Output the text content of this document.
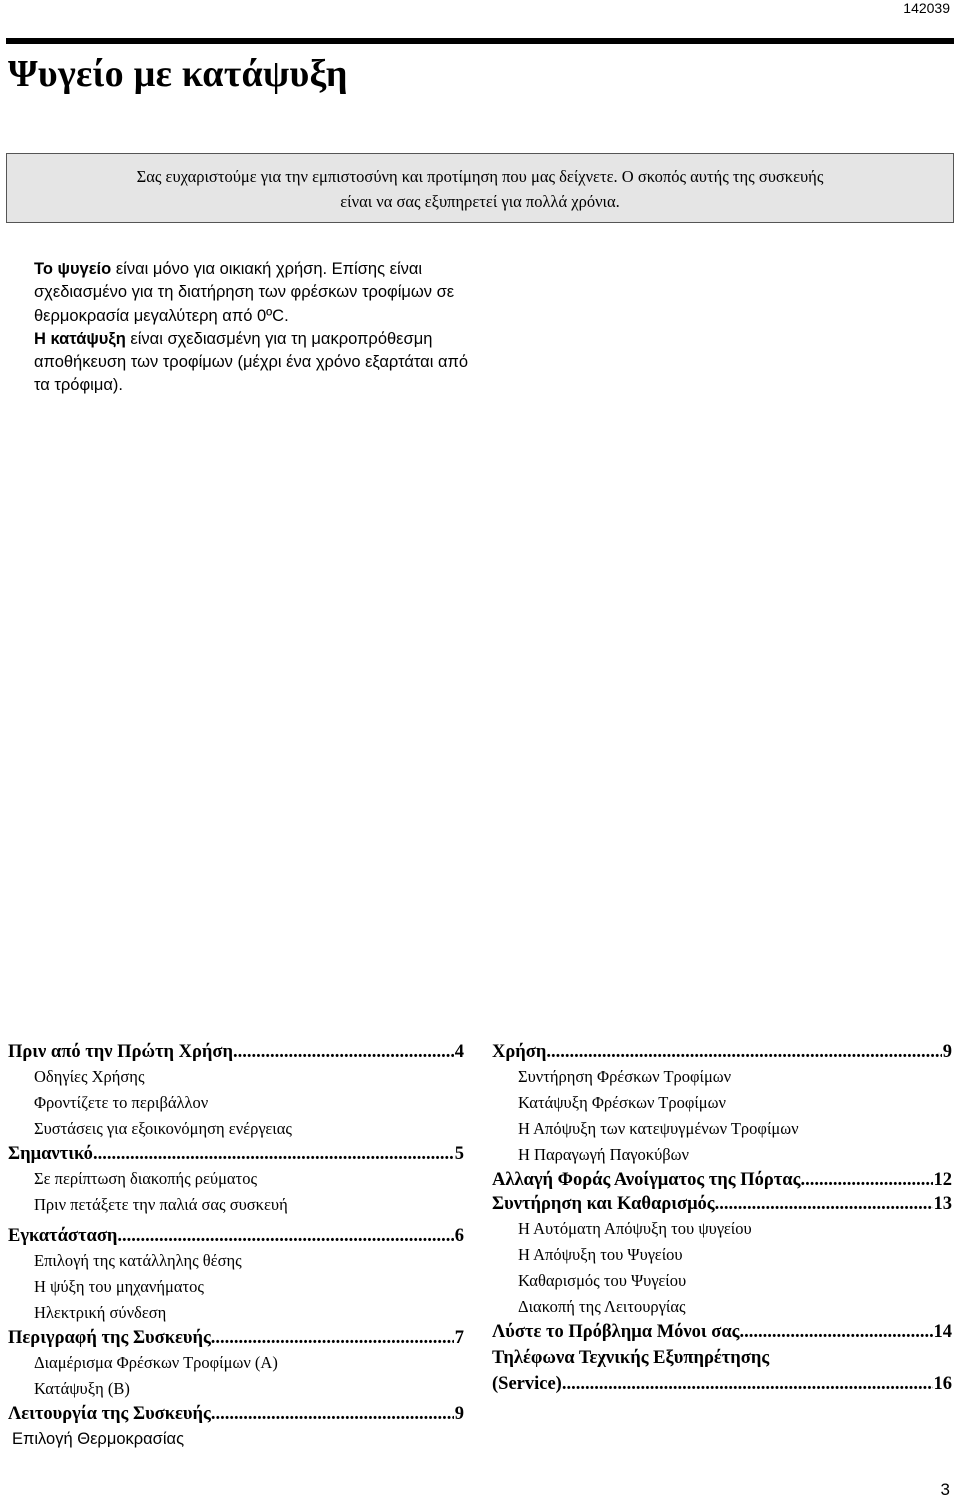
142039
Ψυγείο με κατάψυξη
Σας ευχαριστούμε για την εμπιστοσύνη και προτίμηση που μας δείχνετε. Ο σκοπός αυτής της συσκευής
είναι να σας εξυπηρετεί για πολλά χρόνια.

Το ψυγείο είναι μόνο για οικιακή χρήση. Επίσης είναι σχεδιασμένο για τη διατήρηση των φρέσκων τροφίμων σε θερμοκρασία μεγαλύτερη από 0ºC.

Η κατάψυξη είναι σχεδιασμένη για τη μακροπρόθεσμη αποθήκευση των τροφίμων (μέχρι ένα χρόνο εξαρτάται από τα τρόφιμα).

Πριν από την Πρώτη Χρήση .....	4
Οδηγίες Χρήσης
Φροντίζετε το περιβάλλον
Συστάσεις για εξοικονόμηση ενέργειας
Σημαντικό .....	5
Σε περίπτωση διακοπής ρεύματος
Πριν πετάξετε την παλιά σας συσκευή
Εγκατάσταση .....	6
Επιλογή της κατάλληλης θέσης
Η ψύξη του μηχανήματος
Ηλεκτρική σύνδεση
Περιγραφή της Συσκευής .....	7
Διαμέρισμα Φρέσκων Τροφίμων (A)
Κατάψυξη (B)
Λειτουργία της Συσκευής .....	9
Επιλογή Θερμοκρασίας
Χρήση .....	9
Συντήρηση Φρέσκων Τροφίμων
Κατάψυξη Φρέσκων Τροφίμων
Η Απόψυξη των κατεψυγμένων Τροφίμων
Η Παραγωγή Παγοκύβων
Αλλαγή Φοράς Ανοίγματος της Πόρτας .....	12
Συντήρηση και Καθαρισμός .....	13
Η Αυτόματη Απόψυξη του ψυγείου
Η Απόψυξη του Ψυγείου
Καθαρισμός του Ψυγείου
Διακοπή της Λειτουργίας
Λύστε το Πρόβλημα Μόνοι σας .....	14
Τηλέφωνα Τεχνικής Εξυπηρέτησης
(Service) .....	16
3
